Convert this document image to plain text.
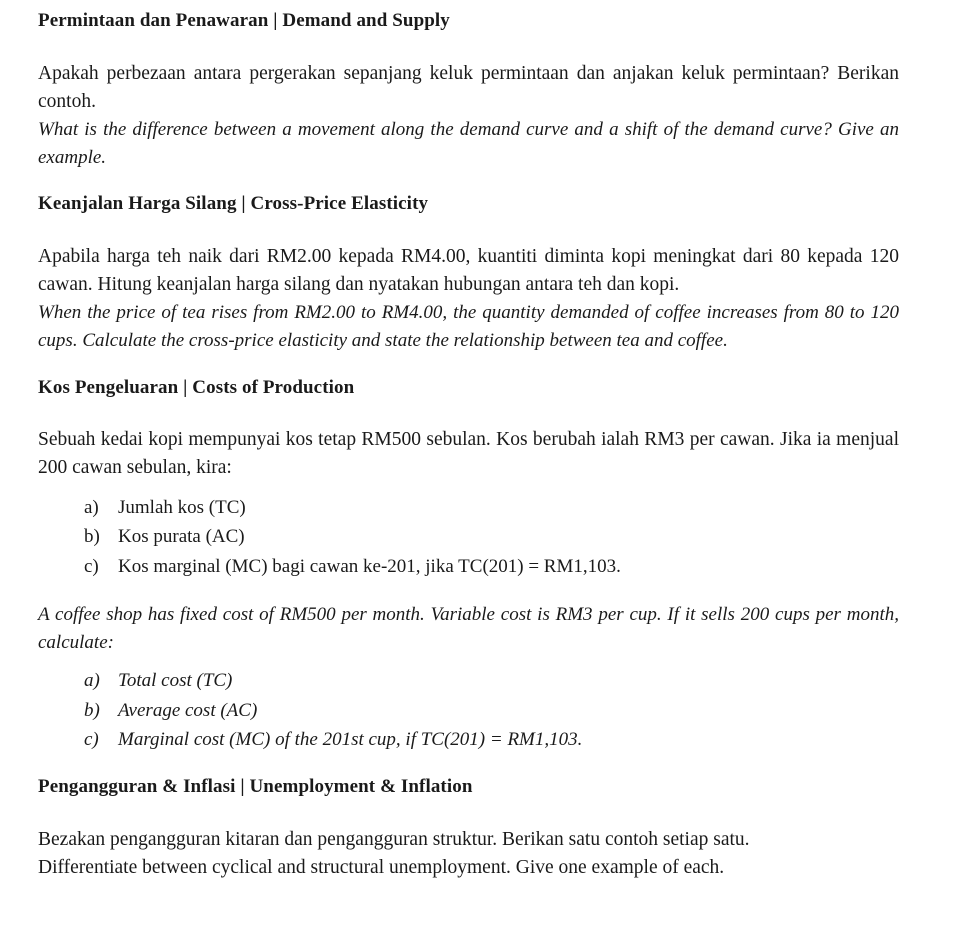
Permintaan dan Penawaran | Demand and Supply

Apakah perbezaan antara pergerakan sepanjang keluk permintaan dan anjakan keluk permintaan? Berikan contoh.

What is the difference between a movement along the demand curve and a shift of the demand curve? Give an example.

Keanjalan Harga Silang | Cross-Price Elasticity

Apabila harga teh naik dari RM2.00 kepada RM4.00, kuantiti diminta kopi meningkat dari 80 kepada 120 cawan. Hitung keanjalan harga silang dan nyatakan hubungan antara teh dan kopi.

When the price of tea rises from RM2.00 to RM4.00, the quantity demanded of coffee increases from 80 to 120 cups. Calculate the cross-price elasticity and state the relationship between tea and coffee.

Kos Pengeluaran | Costs of Production

Sebuah kedai kopi mempunyai kos tetap RM500 sebulan. Kos berubah ialah RM3 per cawan. Jika ia menjual 200 cawan sebulan, kira:

a)	Jumlah kos (TC)
b) Kos purata (AC)
c)	Kos marginal (MC) bagi cawan ke-201, jika TC(201) = RM1,103.

A coffee shop has fixed cost of RM500 per month. Variable cost is RM3 per cup. If it sells 200 cups per month, calculate:

a) Total cost (TC)
b) Average cost (AC)
c)	Marginal cost (MC) of the 201st cup, if TC(201) = RM1,103.
Pengangguran & Inflasi | Unemployment & Inflation

Bezakan pengangguran kitaran dan pengangguran struktur. Berikan satu contoh setiap satu.

Differentiate between cyclical and structural unemployment. Give one example of each.
